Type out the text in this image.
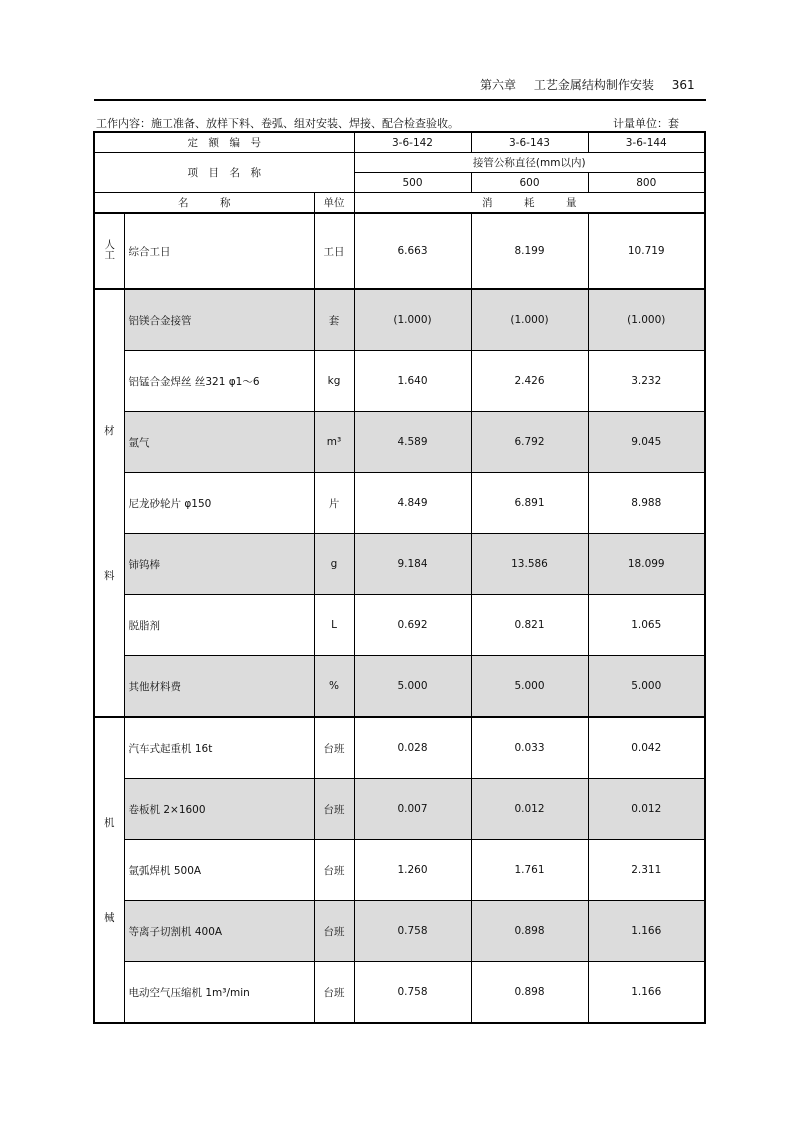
第六章 工艺金属结构制作安装 361
工作内容：施工准备、放样下料、卷弧、组对安装、焊接、配合检查验收。	计量单位：套
定　额　编　号			3-6-142	3-6-143	3-6-144
项　目　名　称			接管公称直径(mm以内)		
			500	600	800
名　　　称		单位	消　　　耗　　　量		
人工	综合工日	工日	6.663	8.199	10.719

材
料	铝镁合金接管	套	(1.000)	(1.000)	(1.000)
	铝锰合金焊丝 丝321 φ1～6	kg	1.640	2.426	3.232
	氩气	m³	4.589	6.792	9.045
	尼龙砂轮片 φ150	片	4.849	6.891	8.988
	铈钨棒	g	9.184	13.586	18.099
	脱脂剂	L	0.692	0.821	1.065
	其他材料费	%	5.000	5.000	5.000

机
械	汽车式起重机 16t	台班	0.028	0.033	0.042
	卷板机 2×1600	台班	0.007	0.012	0.012
	氩弧焊机 500A	台班	1.260	1.761	2.311
	等离子切割机 400A	台班	0.758	0.898	1.166
	电动空气压缩机 1m³/min	台班	0.758	0.898	1.166
